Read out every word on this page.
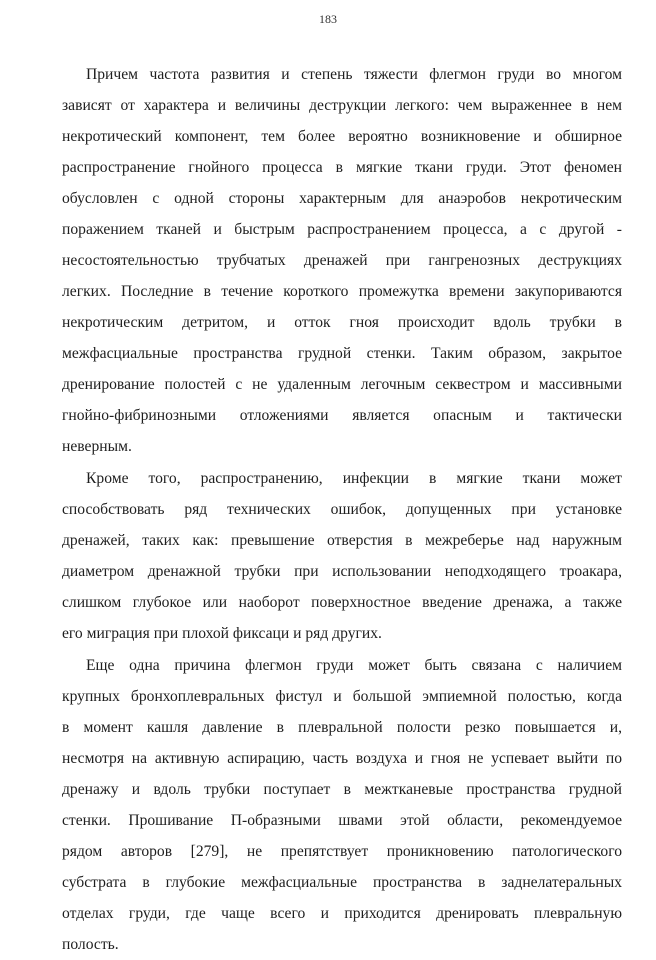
183
Причем частота развития и степень тяжести флегмон груди во многом
зависят от характера и величины деструкции легкого: чем выраженнее в нем
некротический компонент, тем более вероятно возникновение и обширное
распространение гнойного процесса в мягкие ткани груди. Этот феномен
обусловлен с одной стороны характерным для анаэробов некротическим
поражением тканей и быстрым распространением процесса, а с другой -
несостоятельностью трубчатых дренажей при гангренозных деструкциях
легких. Последние в течение короткого промежутка времени закупориваются
некротическим детритом, и отток гноя происходит вдоль трубки в
межфасциальные пространства грудной стенки. Таким образом, закрытое
дренирование полостей с не удаленным легочным секвестром и массивными
гнойно-фибринозными отложениями является опасным и тактически
неверным.
Кроме того, распространению, инфекции в мягкие ткани может
способствовать ряд технических ошибок, допущенных при установке
дренажей, таких как: превышение отверстия в межреберье над наружным
диаметром дренажной трубки при использовании неподходящего троакара,
слишком глубокое или наоборот поверхностное введение дренажа, а также
его миграция при плохой фиксаци и ряд других.
Еще одна причина флегмон груди может быть связана с наличием
крупных бронхоплевральных фистул и большой эмпиемной полостью, когда
в момент кашля давление в плевральной полости резко повышается и,
несмотря на активную аспирацию, часть воздуха и гноя не успевает выйти по
дренажу и вдоль трубки поступает в межтканевые пространства грудной
стенки. Прошивание П-образными швами этой области, рекомендуемое
рядом авторов [279], не препятствует проникновению патологического
субстрата в глубокие межфасциальные пространства в заднелатеральных
отделах груди, где чаще всего и приходится дренировать плевральную
полость.
